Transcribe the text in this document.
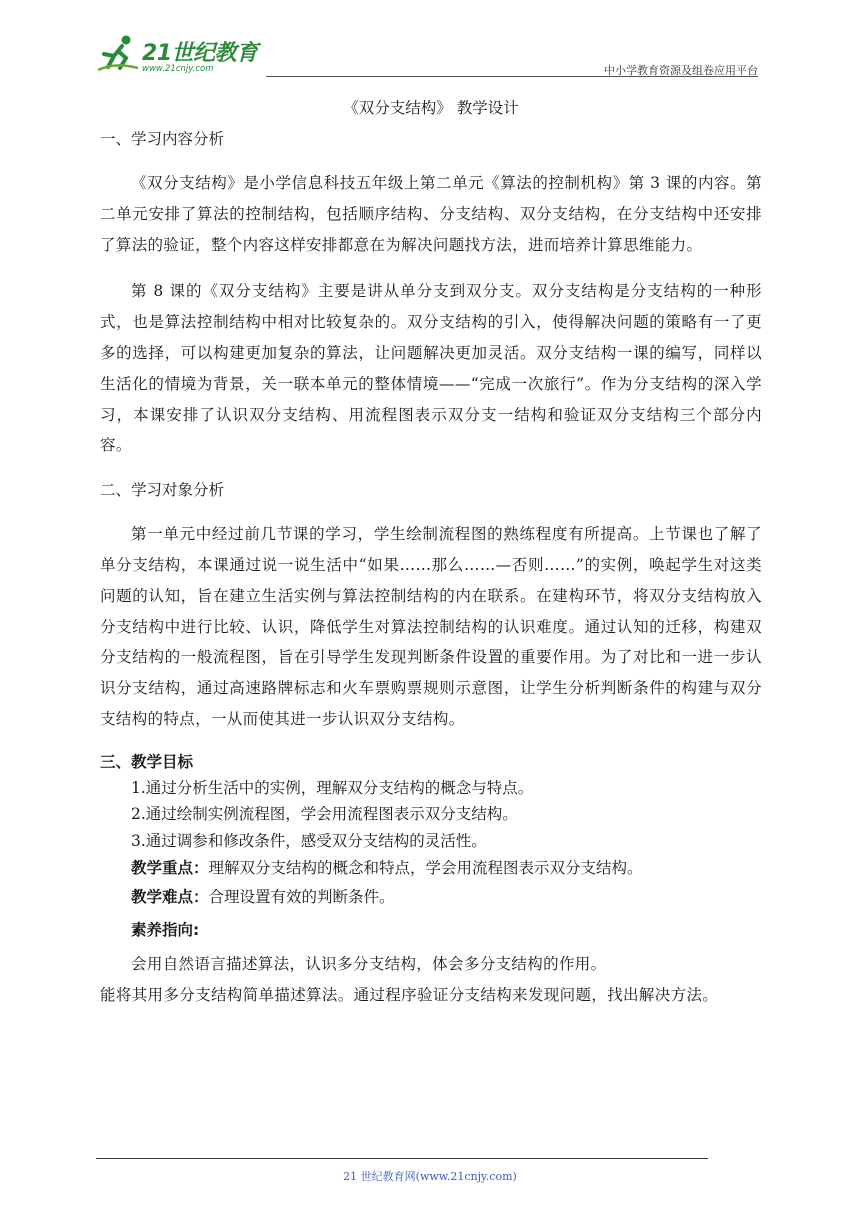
21世纪教育
www.21cnjy.com	中小学教育资源及组卷应用平台
《双分支结构》 教学设计

一、学习内容分析

《双分支结构》是小学信息科技五年级上第二单元《算法的控制机构》第 3 课的内容。第二单元安排了算法的控制结构，包括顺序结构、分支结构、双分支结构，在分支结构中还安排了算法的验证，整个内容这样安排都意在为解决问题找方法，进而培养计算思维能力。

第 8 课的《双分支结构》主要是讲从单分支到双分支。双分支结构是分支结构的一种形式，也是算法控制结构中相对比较复杂的。双分支结构的引入，使得解决问题的策略有一了更多的选择，可以构建更加复杂的算法，让问题解决更加灵活。双分支结构一课的编写，同样以生活化的情境为背景，关一联本单元的整体情境——“完成一次旅行”。作为分支结构的深入学习，本课安排了认识双分支结构、用流程图表示双分支一结构和验证双分支结构三个部分内容。

二、学习对象分析

第一单元中经过前几节课的学习，学生绘制流程图的熟练程度有所提高。上节课也了解了单分支结构，本课通过说一说生活中“如果……那么……—否则……”的实例，唤起学生对这类问题的认知，旨在建立生活实例与算法控制结构的内在联系。在建构环节，将双分支结构放入分支结构中进行比较、认识，降低学生对算法控制结构的认识难度。通过认知的迁移，构建双分支结构的一般流程图，旨在引导学生发现判断条件设置的重要作用。为了对比和一进一步认识分支结构，通过高速路牌标志和火车票购票规则示意图，让学生分析判断条件的构建与双分支结构的特点，一从而使其进一步认识双分支结构。

三、教学目标

1.通过分析生活中的实例，理解双分支结构的概念与特点。

2.通过绘制实例流程图，学会用流程图表示双分支结构。

3.通过调参和修改条件，感受双分支结构的灵活性。

教学重点：理解双分支结构的概念和特点，学会用流程图表示双分支结构。

教学难点：合理设置有效的判断条件。

素养指向:

会用自然语言描述算法，认识多分支结构，体会多分支结构的作用。

能将其用多分支结构简单描述算法。通过程序验证分支结构来发现问题，找出解决方法。

21 世纪教育网(www.21cnjy.com)
